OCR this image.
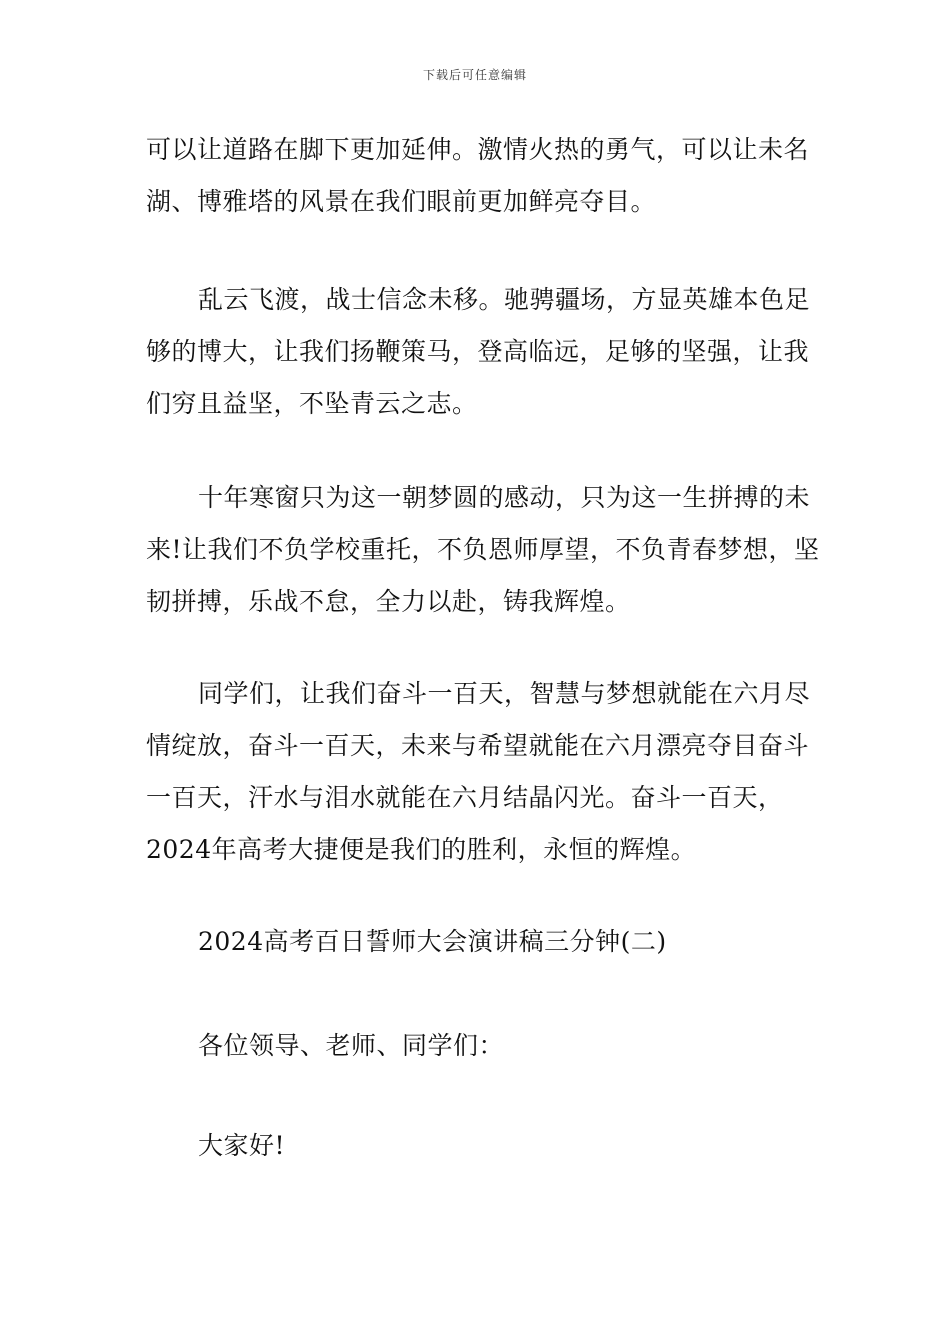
下载后可任意编辑

可以让道路在脚下更加延伸。激情火热的勇气，可以让未名湖、博雅塔的风景在我们眼前更加鲜亮夺目。

乱云飞渡，战士信念未移。驰骋疆场，方显英雄本色足够的博大，让我们扬鞭策马，登高临远，足够的坚强，让我们穷且益坚，不坠青云之志。

十年寒窗只为这一朝梦圆的感动，只为这一生拼搏的未来!让我们不负学校重托，不负恩师厚望，不负青春梦想，坚韧拼搏，乐战不怠，全力以赴，铸我辉煌。

同学们，让我们奋斗一百天，智慧与梦想就能在六月尽情绽放，奋斗一百天，未来与希望就能在六月漂亮夺目奋斗一百天，汗水与泪水就能在六月结晶闪光。奋斗一百天，2024年高考大捷便是我们的胜利，永恒的辉煌。

2024高考百日誓师大会演讲稿三分钟(二)

各位领导、老师、同学们：

大家好!
